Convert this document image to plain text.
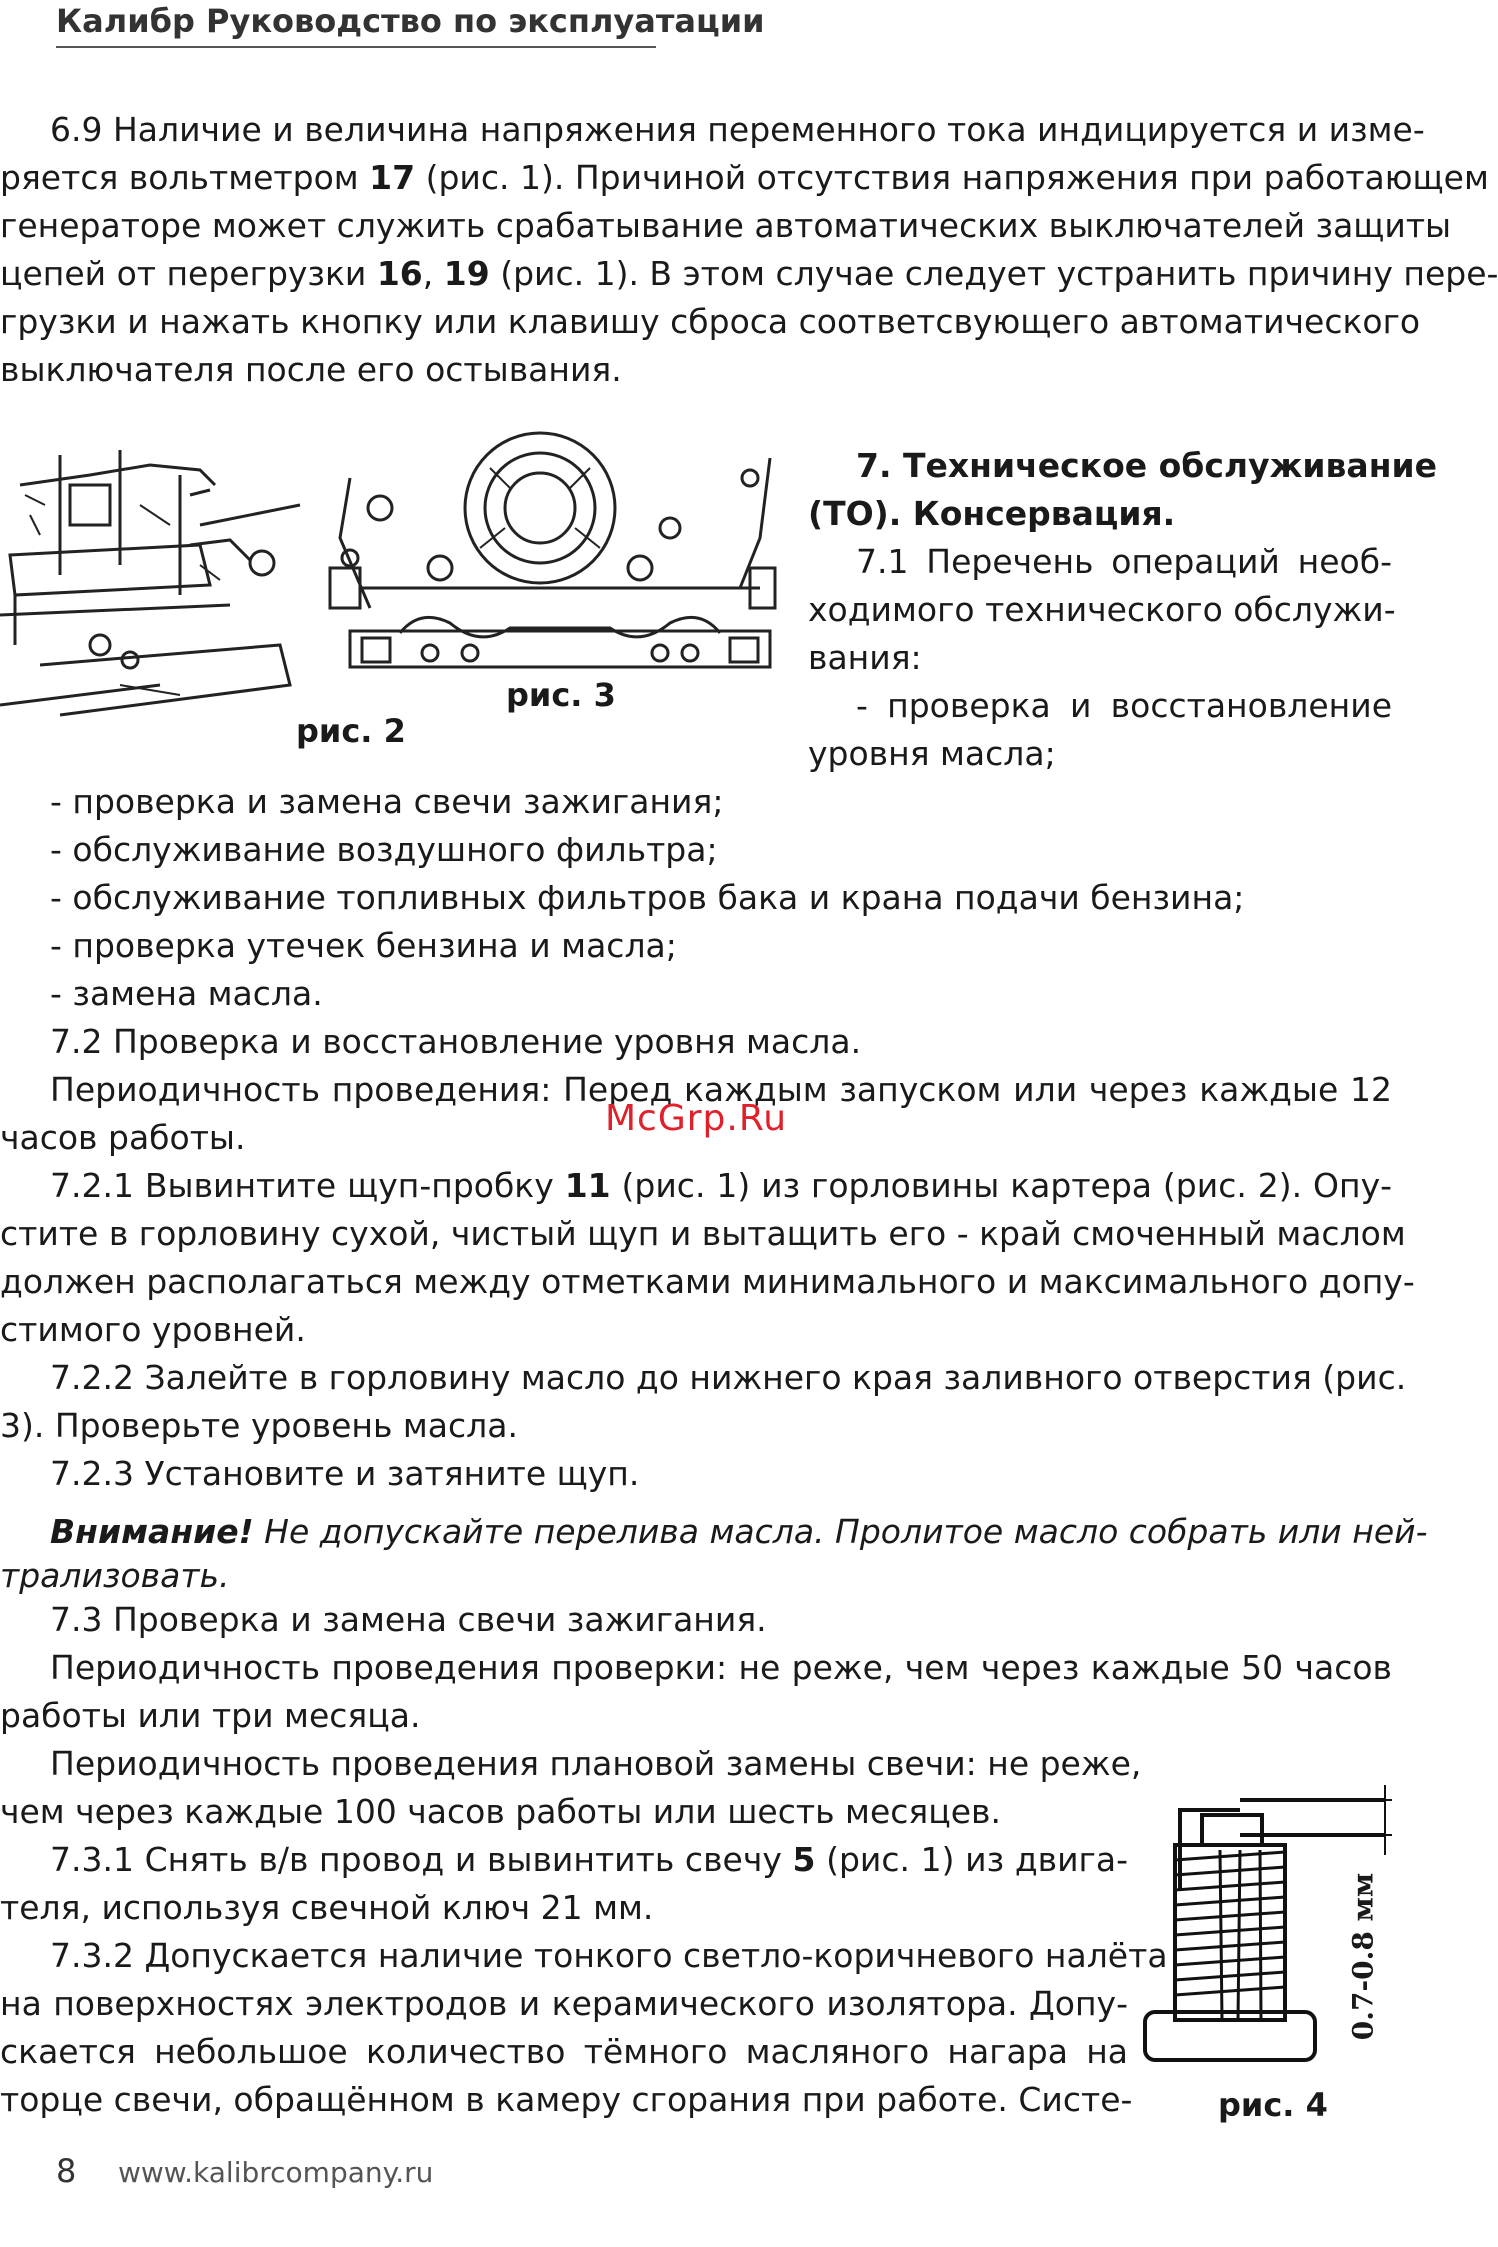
Калибр Руководство по эксплуатации
6.9 Наличие и величина напряжения переменного тока индицируется и изме-
ряется вольтметром 17 (рис. 1). Причиной отсутствия напряжения при работающем
генераторе может служить срабатывание автоматических выключателей защиты
цепей от перегрузки 16, 19 (рис. 1). В этом случае следует устранить причину пере-
грузки и нажать кнопку или клавишу сброса соответсвующего автоматического
выключателя после его остывания.
рис. 2
рис. 3
7. Техническое обслуживание
(ТО). Консервация.
7.1 Перечень операций необ-
ходимого технического обслужи-
вания:
- проверка и восстановление
уровня масла;
- проверка и замена свечи зажигания;
- обслуживание воздушного фильтра;
- обслуживание топливных фильтров бака и крана подачи бензина;
- проверка утечек бензина и масла;
- замена масла.
7.2 Проверка и восстановление уровня масла.
Периодичность проведения: Перед каждым запуском или через каждые 12
часов работы.
7.2.1 Вывинтите щуп-пробку 11 (рис. 1) из горловины картера (рис. 2). Опу-
стите в горловину сухой, чистый щуп и вытащить его - край смоченный маслом
должен располагаться между отметками минимального и максимального допу-
стимого уровней.
7.2.2 Залейте в горловину масло до нижнего края заливного отверстия (рис.
3). Проверьте уровень масла.
7.2.3 Установите и затяните щуп.
Внимание! Не допускайте перелива масла. Пролитое масло собрать или ней-
трализовать.
7.3 Проверка и замена свечи зажигания.
Периодичность проведения проверки: не реже, чем через каждые 50 часов
работы или три месяца.
Периодичность проведения плановой замены свечи: не реже,
чем через каждые 100 часов работы или шесть месяцев.
7.3.1 Снять в/в провод и вывинтить свечу 5 (рис. 1) из двига-
теля, используя свечной ключ 21 мм.
7.3.2 Допускается наличие тонкого светло-коричневого налёта
на поверхностях электродов и керамического изолятора. Допу-
скается небольшое количество тёмного масляного нагара на
торце свечи, обращённом в камеру сгорания при работе. Систе-
0.7-0.8 мм
рис. 4
McGrp.Ru
8 www.kalibrcompany.ru
